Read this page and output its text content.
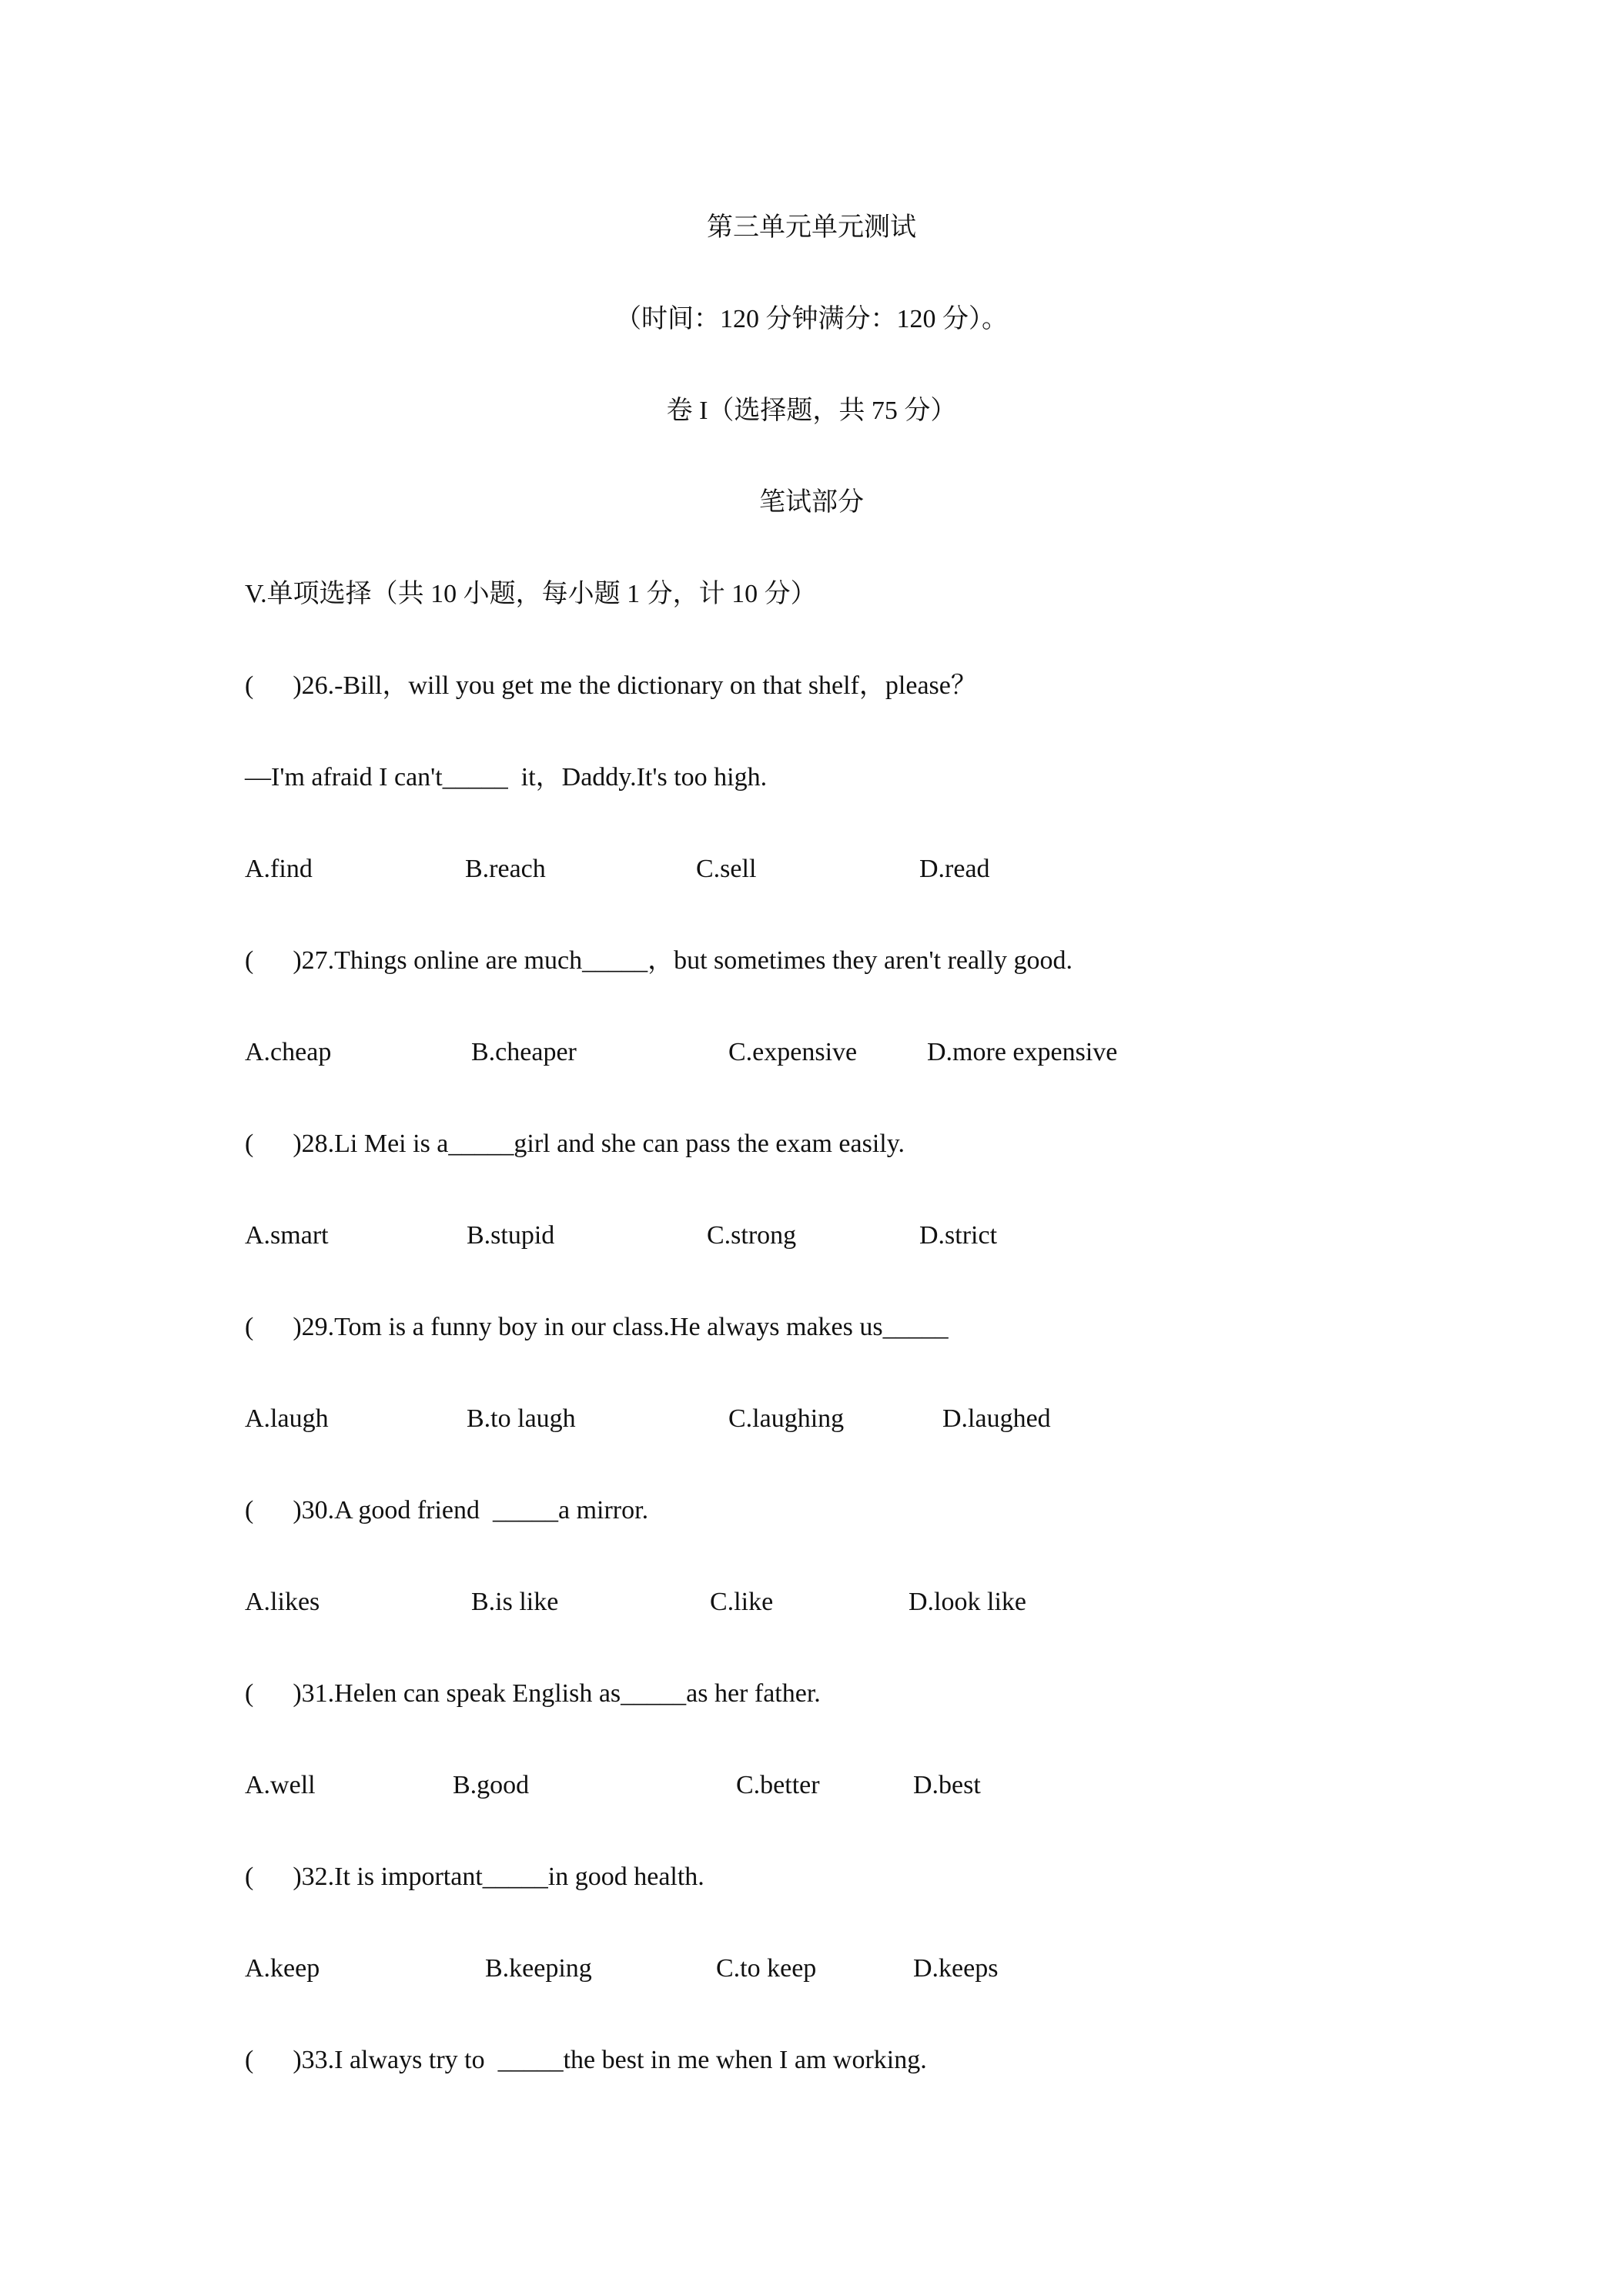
第三单元单元测试
（时间：120 分钟满分：120 分）。
卷 I（选择题，共 75 分）
笔试部分
V.单项选择（共 10 小题，每小题 1 分，计 10 分）
(      )26.-Bill，will you get me the dictionary on that shelf，please？
—I'm afraid I can't_____  it，Daddy.It's too high.
A.find	B.reach	C.sell	D.read
(      )27.Things online are much_____，but sometimes they aren't really good.
A.cheap	B.cheaper	C.expensive	D.more expensive
(      )28.Li Mei is a_____girl and she can pass the exam easily.
A.smart	B.stupid	C.strong	D.strict
(      )29.Tom is a funny boy in our class.He always makes us_____
A.laugh	B.to laugh	C.laughing	D.laughed
(      )30.A good friend  _____a mirror.
A.likes	B.is like	C.like	D.look like
(      )31.Helen can speak English as_____as her father.
A.well	B.good	C.better	D.best
(      )32.It is important_____in good health.
A.keep	B.keeping	C.to keep	D.keeps
(      )33.I always try to  _____the best in me when I am working.
